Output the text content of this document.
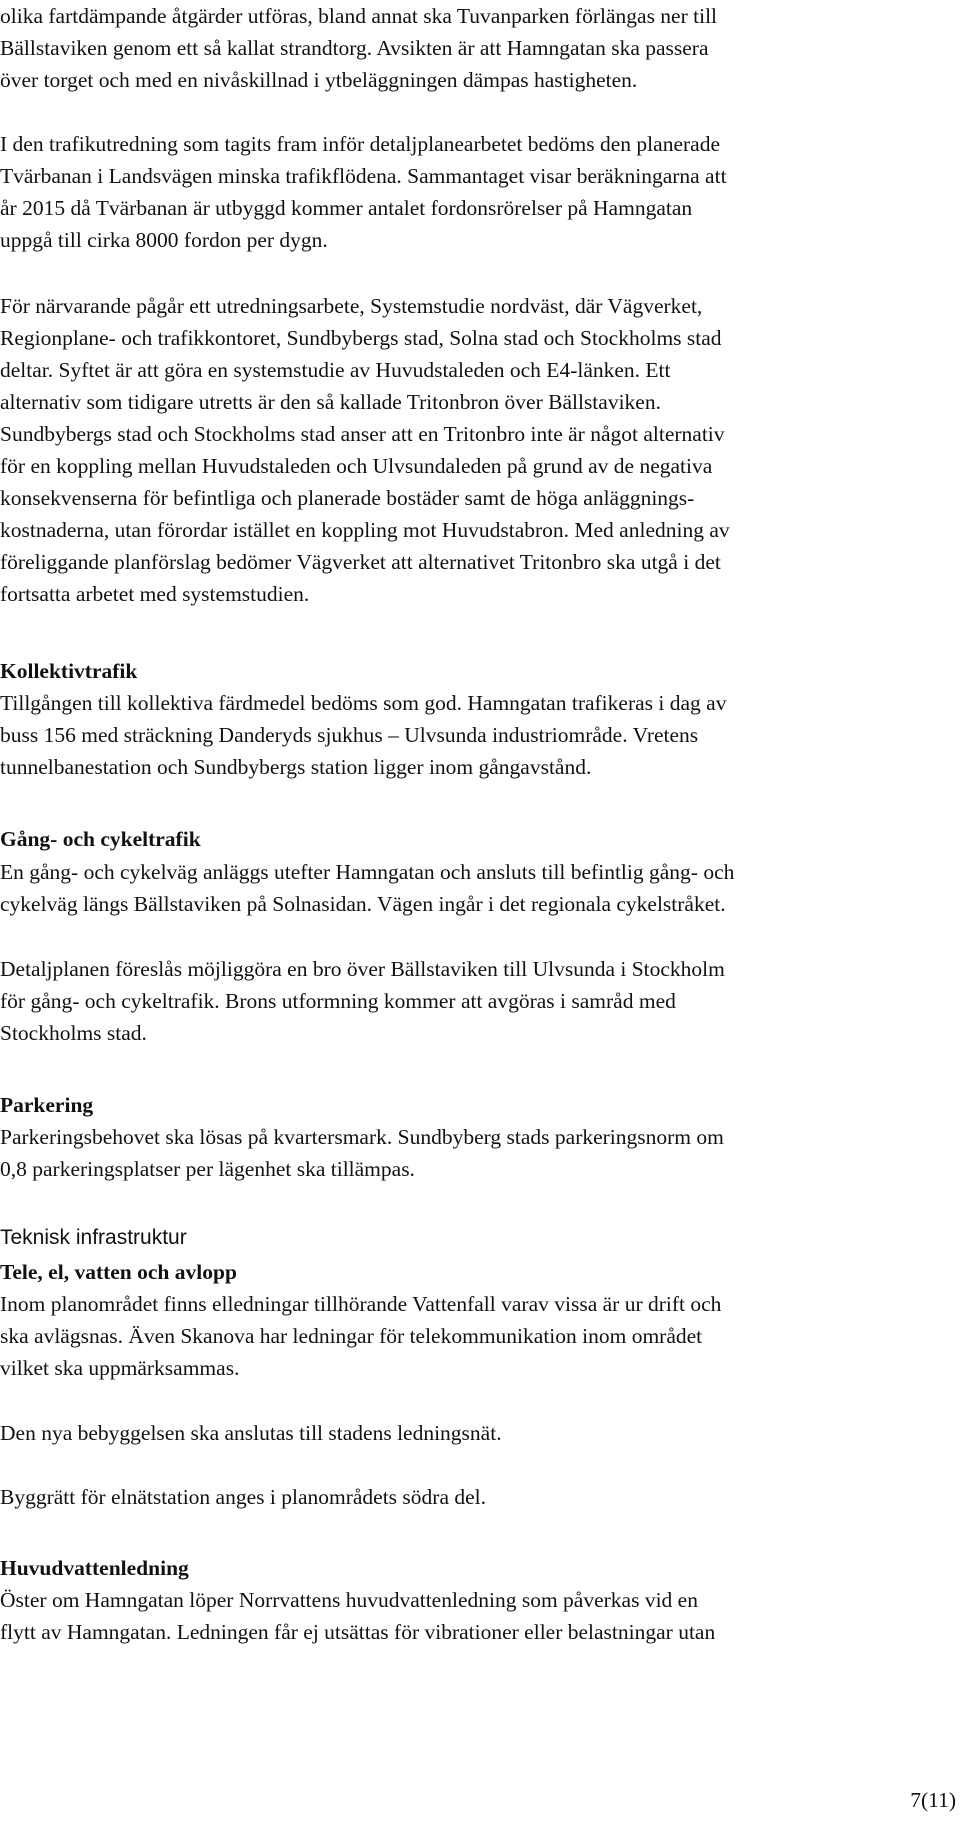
olika fartdämpande åtgärder utföras, bland annat ska Tuvanparken förlängas ner till
Bällstaviken genom ett så kallat strandtorg. Avsikten är att Hamngatan ska passera
över torget och med en nivåskillnad i ytbeläggningen dämpas hastigheten.
I den trafikutredning som tagits fram inför detaljplanearbetet bedöms den planerade
Tvärbanan i Landsvägen minska trafikflödena. Sammantaget visar beräkningarna att
år 2015 då Tvärbanan är utbyggd kommer antalet fordonsrörelser på Hamngatan
uppgå till cirka 8000 fordon per dygn.
För närvarande pågår ett utredningsarbete, Systemstudie nordväst, där Vägverket,
Regionplane- och trafikkontoret, Sundbybergs stad, Solna stad och Stockholms stad
deltar. Syftet är att göra en systemstudie av Huvudstaleden och E4-länken. Ett
alternativ som tidigare utretts är den så kallade Tritonbron över Bällstaviken.
Sundbybergs stad och Stockholms stad anser att en Tritonbro inte är något alternativ
för en koppling mellan Huvudstaleden och Ulvsundaleden på grund av de negativa
konsekvenserna för befintliga och planerade bostäder samt de höga anläggnings-
kostnaderna, utan förordar istället en koppling mot Huvudstabron. Med anledning av
föreliggande planförslag bedömer Vägverket att alternativet Tritonbro ska utgå i det
fortsatta arbetet med systemstudien.
Kollektivtrafik
Tillgången till kollektiva färdmedel bedöms som god. Hamngatan trafikeras i dag av
buss 156 med sträckning Danderyds sjukhus – Ulvsunda industriområde. Vretens
tunnelbanestation och Sundbybergs station ligger inom gångavstånd.
Gång- och cykeltrafik
En gång- och cykelväg anläggs utefter Hamngatan och ansluts till befintlig gång- och
cykelväg längs Bällstaviken på Solnasidan. Vägen ingår i det regionala cykelstråket.
Detaljplanen föreslås möjliggöra en bro över Bällstaviken till Ulvsunda i Stockholm
för gång- och cykeltrafik. Brons utformning kommer att avgöras i samråd med
Stockholms stad.
Parkering
Parkeringsbehovet ska lösas på kvartersmark. Sundbyberg stads parkeringsnorm om
0,8 parkeringsplatser per lägenhet ska tillämpas.
Teknisk infrastruktur
Tele, el, vatten och avlopp
Inom planområdet finns elledningar tillhörande Vattenfall varav vissa är ur drift och
ska avlägsnas. Även Skanova har ledningar för telekommunikation inom området
vilket ska uppmärksammas.
Den nya bebyggelsen ska anslutas till stadens ledningsnät.
Byggrätt för elnätstation anges i planområdets södra del.
Huvudvattenledning
Öster om Hamngatan löper Norrvattens huvudvattenledning som påverkas vid en
flytt av Hamngatan. Ledningen får ej utsättas för vibrationer eller belastningar utan
7(11)
